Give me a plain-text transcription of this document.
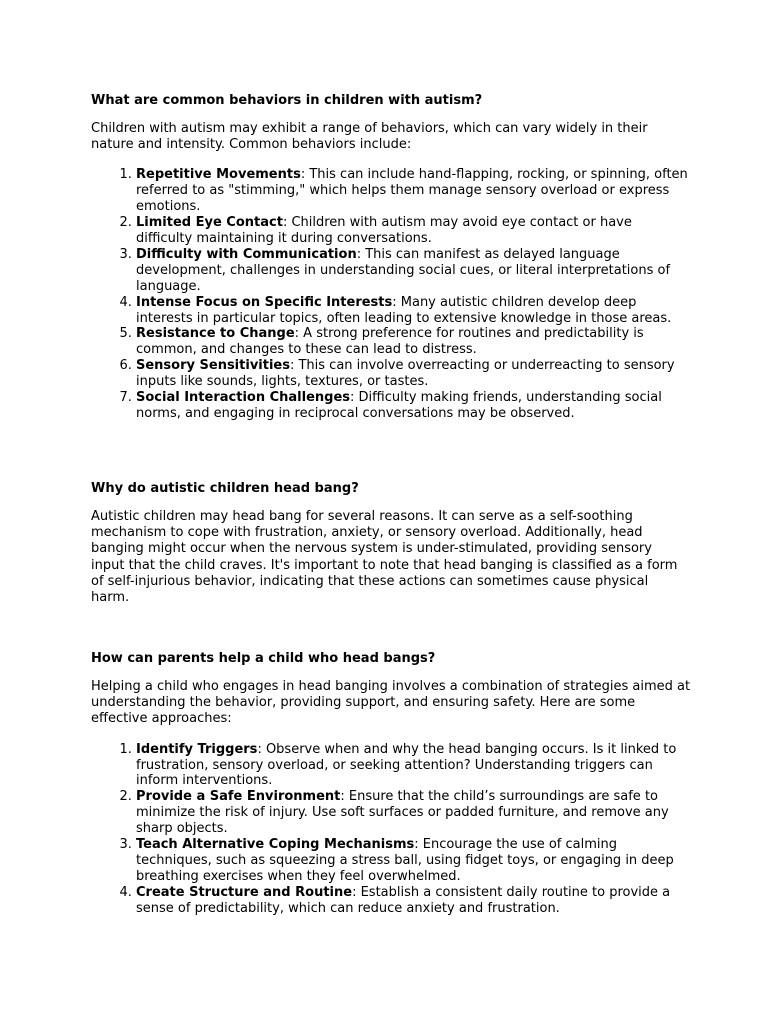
What are common behaviors in children with autism?
Children with autism may exhibit a range of behaviors, which can vary widely in their nature and intensity. Common behaviors include:
1. Repetitive Movements: This can include hand-flapping, rocking, or spinning, often referred to as "stimming," which helps them manage sensory overload or express emotions.
2. Limited Eye Contact: Children with autism may avoid eye contact or have difficulty maintaining it during conversations.
3. Difficulty with Communication: This can manifest as delayed language development, challenges in understanding social cues, or literal interpretations of language.
4. Intense Focus on Specific Interests: Many autistic children develop deep interests in particular topics, often leading to extensive knowledge in those areas.
5. Resistance to Change: A strong preference for routines and predictability is common, and changes to these can lead to distress.
6. Sensory Sensitivities: This can involve overreacting or underreacting to sensory inputs like sounds, lights, textures, or tastes.
7. Social Interaction Challenges: Difficulty making friends, understanding social norms, and engaging in reciprocal conversations may be observed.
Why do autistic children head bang?
Autistic children may head bang for several reasons. It can serve as a self-soothing mechanism to cope with frustration, anxiety, or sensory overload. Additionally, head banging might occur when the nervous system is under-stimulated, providing sensory input that the child craves. It's important to note that head banging is classified as a form of self-injurious behavior, indicating that these actions can sometimes cause physical harm.
How can parents help a child who head bangs?
Helping a child who engages in head banging involves a combination of strategies aimed at understanding the behavior, providing support, and ensuring safety. Here are some effective approaches:
1. Identify Triggers: Observe when and why the head banging occurs. Is it linked to frustration, sensory overload, or seeking attention? Understanding triggers can inform interventions.
2. Provide a Safe Environment: Ensure that the child’s surroundings are safe to minimize the risk of injury. Use soft surfaces or padded furniture, and remove any sharp objects.
3. Teach Alternative Coping Mechanisms: Encourage the use of calming techniques, such as squeezing a stress ball, using fidget toys, or engaging in deep breathing exercises when they feel overwhelmed.
4. Create Structure and Routine: Establish a consistent daily routine to provide a sense of predictability, which can reduce anxiety and frustration.
